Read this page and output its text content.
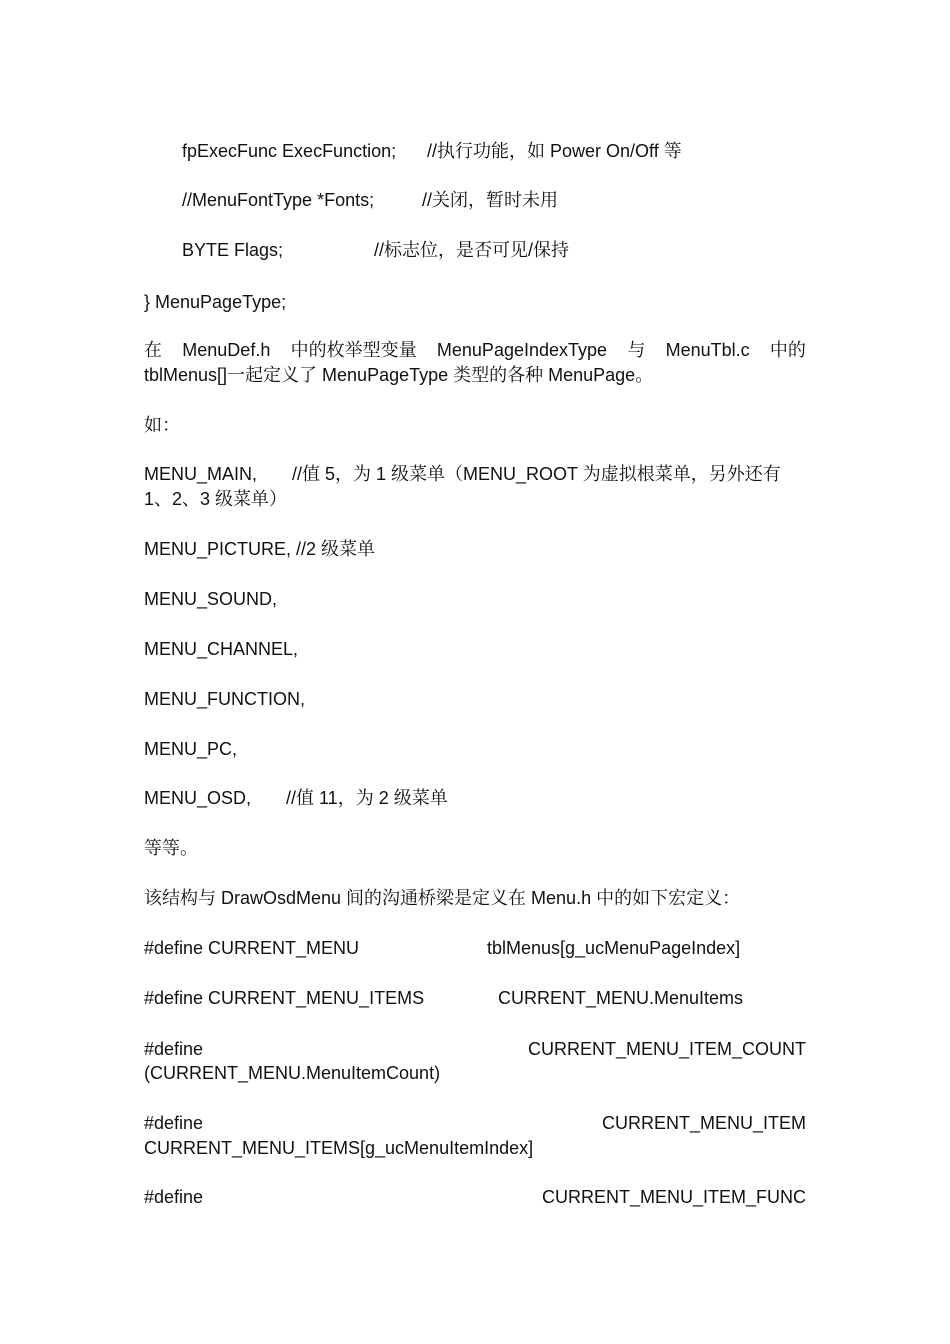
fpExecFunc ExecFunction; //执行功能，如 Power On/Off 等
//MenuFontType *Fonts;	//关闭，暂时未用
BYTE Flags;	//标志位，是否可见/保持
} MenuPageType;
在 MenuDef.h 中的枚举型变量 MenuPageIndexType 与 MenuTbl.c 中的
tblMenus[]一起定义了 MenuPageType 类型的各种 MenuPage。
如：
MENU_MAIN, //值 5，为 1 级菜单（MENU_ROOT 为虚拟根菜单，另外还有
1、2、3 级菜单）
MENU_PICTURE, //2 级菜单
MENU_SOUND,
MENU_CHANNEL,
MENU_FUNCTION,
MENU_PC,
MENU_OSD, //值 11，为 2 级菜单
等等。
该结构与 DrawOsdMenu 间的沟通桥梁是定义在 Menu.h 中的如下宏定义：
#define CURRENT_MENU	tblMenus[g_ucMenuPageIndex]
#define CURRENT_MENU_ITEMS	CURRENT_MENU.MenuItems
#define	CURRENT_MENU_ITEM_COUNT
(CURRENT_MENU.MenuItemCount)
#define	CURRENT_MENU_ITEM
CURRENT_MENU_ITEMS[g_ucMenuItemIndex]
#define	CURRENT_MENU_ITEM_FUNC
